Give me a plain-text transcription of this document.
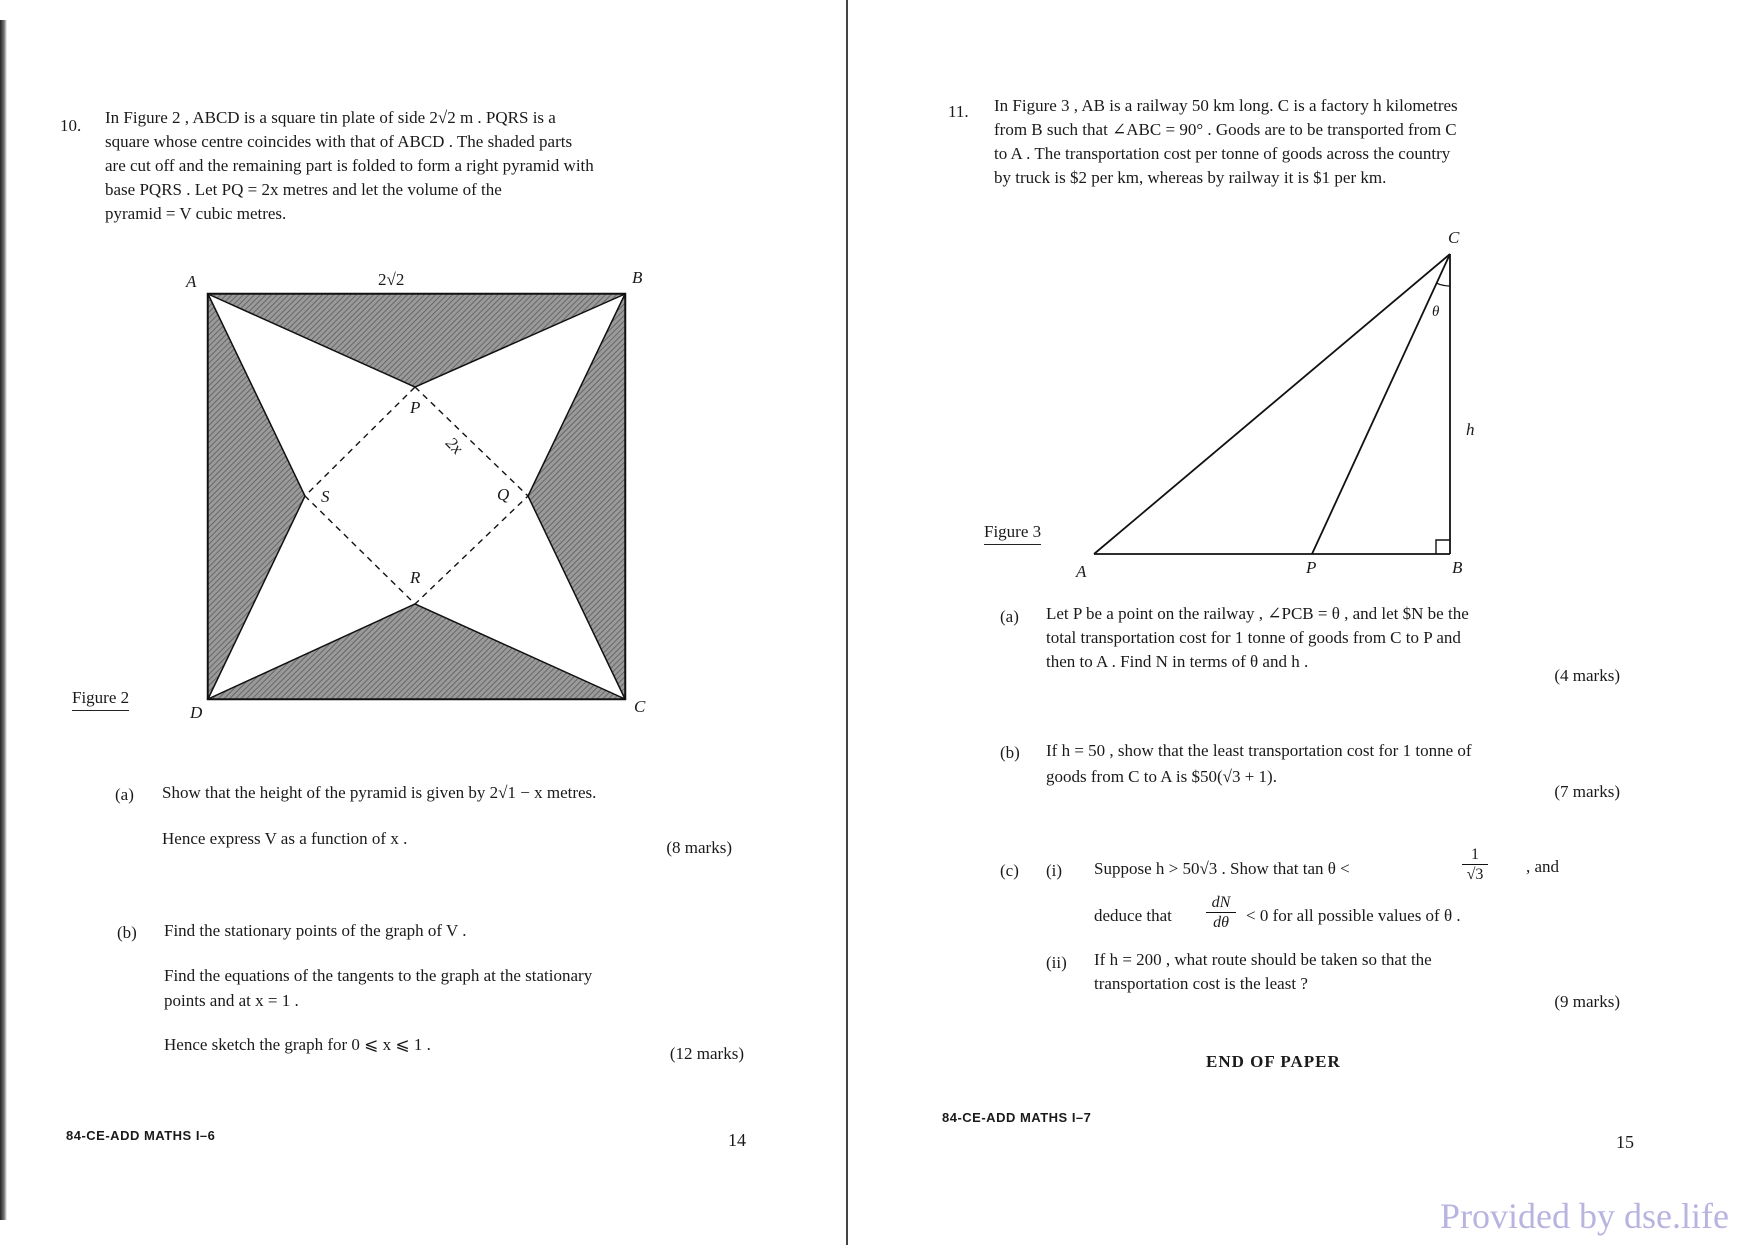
10. In Figure 2 , ABCD is a square tin plate of side 2√2 m . PQRS is a
square whose centre coincides with that of ABCD . The shaded parts
are cut off and the remaining part is folded to form a right pyramid with
base PQRS . Let PQ = 2x metres and let the volume of the
pyramid = V cubic metres.
A	B
C
D
P
Q
R
S
2x
2√2
Figure 2
(a) Show that the height of the pyramid is given by 2√1 − x metres.
Hence express V as a function of x .	(8 marks)
(b) Find the stationary points of the graph of V .
Find the equations of the tangents to the graph at the stationary
points and at x = 1 .
Hence sketch the graph for 0 ⩽ x ⩽ 1 .	(12 marks)
84-CE-ADD MATHS I–6	14
11. In Figure 3 , AB is a railway 50 km long. C is a factory h kilometres
from B such that ∠ABC = 90° . Goods are to be transported from C
to A . The transportation cost per tonne of goods across the country
by truck is $2 per km, whereas by railway it is $1 per km.
C
A	P	B
h
θ
Figure 3
(a) Let P be a point on the railway , ∠PCB = θ , and let $N be the
total transportation cost for 1 tonne of goods from C to P and
then to A . Find N in terms of θ and h .
(4 marks)
(b) If h = 50 , show that the least transportation cost for 1 tonne of
goods from C to A is $50(√3 + 1).
(7 marks)
(c) (i) Suppose h > 50√3 . Show that tan θ <	$\frac{1}{√3}$ , and
deduce that $\frac{dN}{d\theta} < 0$ for all possible values of θ .
(ii) If h = 200 , what route should be taken so that the
transportation cost is the least ?
(9 marks)
END OF PAPER
84-CE-ADD MATHS I–7
15
Provided by dse.life
